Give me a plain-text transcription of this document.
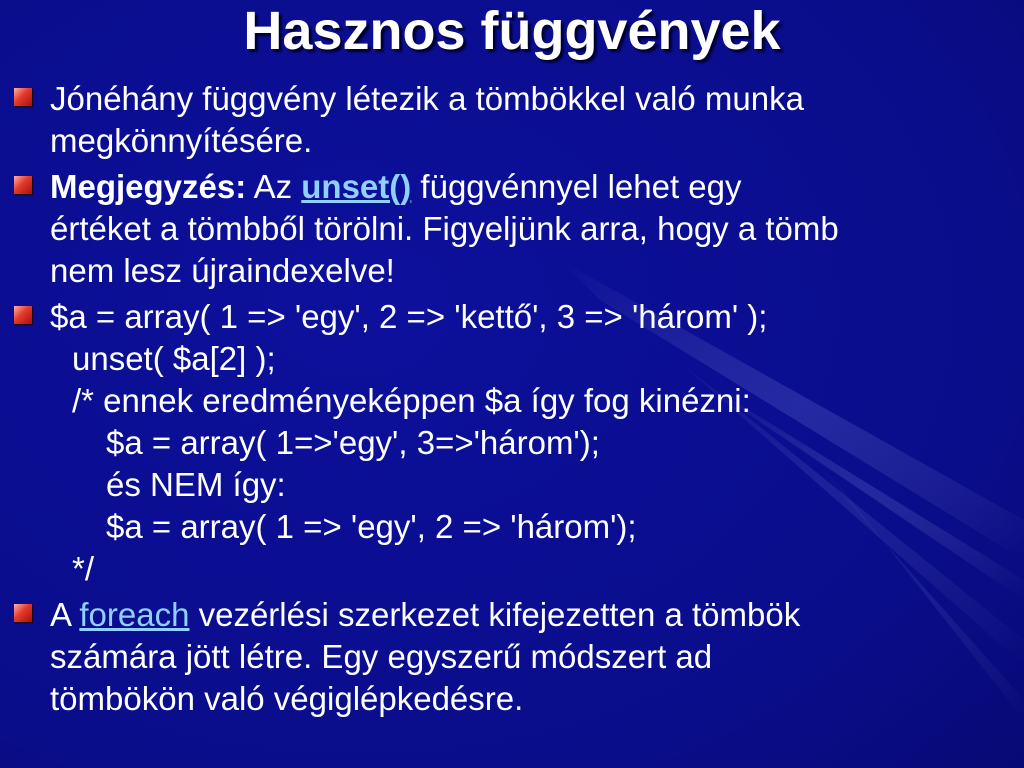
Hasznos függvények
Jónéhány függvény létezik a tömbökkel való munka
megkönnyítésére.
Megjegyzés: Az unset() függvénnyel lehet egy
értéket a tömbből törölni. Figyeljünk arra, hogy a tömb
nem lesz újraindexelve!
$a = array( 1 => 'egy', 2 => 'kettő', 3 => 'három' );
unset( $a[2] );
/* ennek eredményeképpen $a így fog kinézni:
$a = array( 1=>'egy', 3=>'három');
és NEM így:
$a = array( 1 => 'egy', 2 => 'három');
*/
A foreach vezérlési szerkezet kifejezetten a tömbök
számára jött létre. Egy egyszerű módszert ad
tömbökön való végiglépkedésre.
